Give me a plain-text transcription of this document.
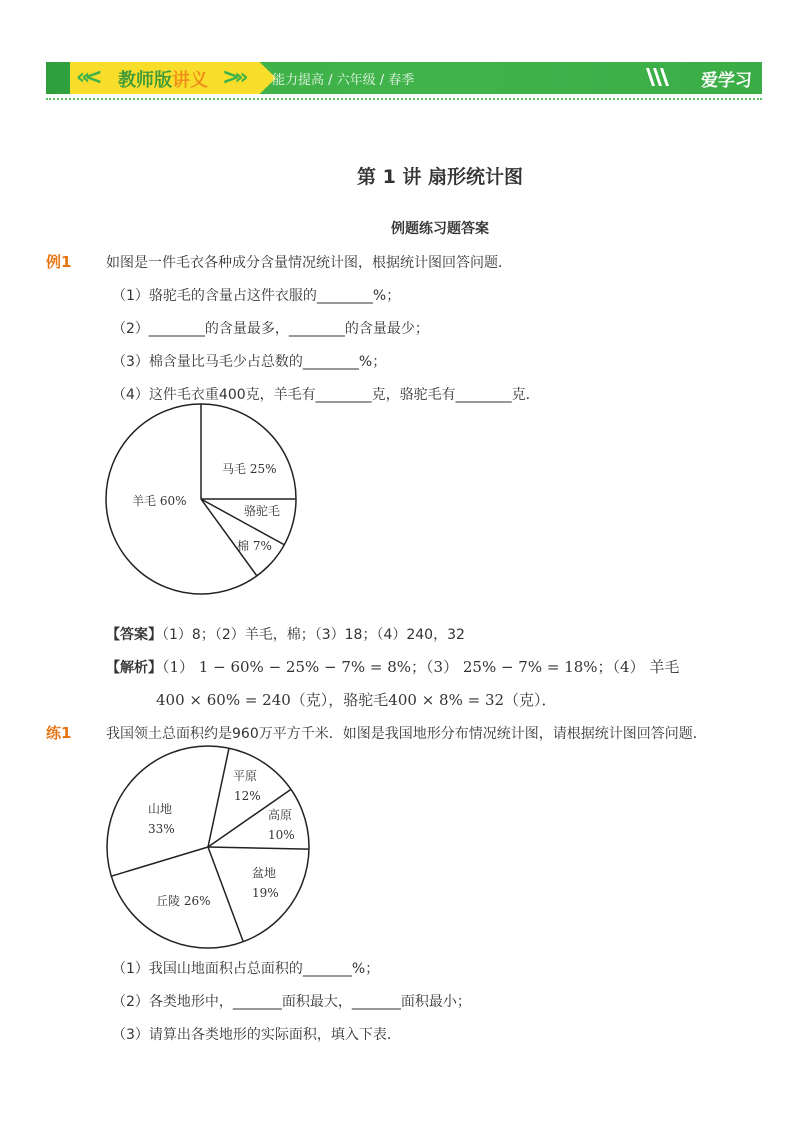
«< 教师版讲义 >» 能力提高 / 六年级 / 春季	爱学习
第 1 讲 扇形统计图
例题练习题答案
例1 如图是一件毛衣各种成分含量情况统计图，根据统计图回答问题．
（1）骆驼毛的含量占这件衣服的________%；
（2）________的含量最多，________的含量最少；
（3）棉含量比马毛少占总数的________%；
（4）这件毛衣重400克，羊毛有________克，骆驼毛有________克．
马毛 25%
骆驼毛
棉 7%
羊毛 60%
【答案】（1）8；（2）羊毛，棉；（3）18；（4）240，32
【解析】（1） 1 − 60% − 25% − 7% = 8%；（3） 25% − 7% = 18%；（4） 羊毛
400 × 60% = 240（克），骆驼毛400 × 8% = 32（克）．
练1 我国领土总面积约是960万平方千米．如图是我国地形分布情况统计图，请根据统计图回答问题．
平原
12%
高原
10%
盆地
19%
丘陵 26%
山地
33%
（1）我国山地面积占总面积的_______%；
（2）各类地形中，_______面积最大，_______面积最小；
（3）请算出各类地形的实际面积，填入下表．
